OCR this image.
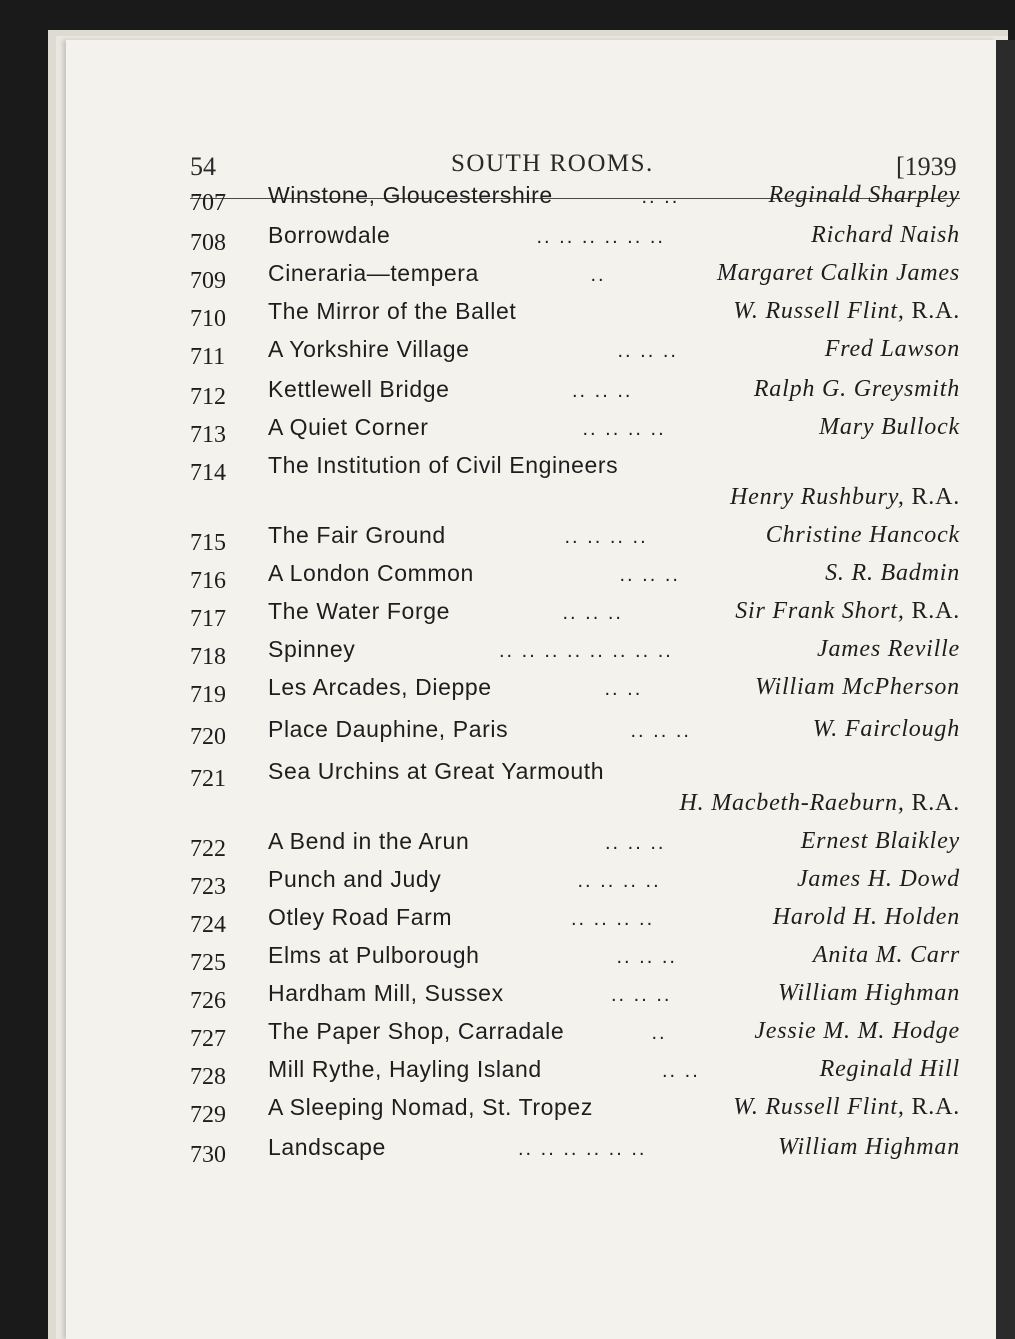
54	SOUTH ROOMS.	[1939
707 Winstone, Gloucestershire	Reginald Sharpley
.. ..
708 Borrowdale	Richard Naish
.. .. .. .. .. ..
709 Cineraria—tempera	Margaret Calkin James
..
710 The Mirror of the Ballet	W. Russell Flint, R.A.
711 A Yorkshire Village	Fred Lawson
.. .. ..
712 Kettlewell Bridge	Ralph G. Greysmith
.. .. ..
713 A Quiet Corner	Mary Bullock
.. .. .. ..
714 The Institution of Civil Engineers
Henry Rushbury, R.A.
715 The Fair Ground	Christine Hancock
.. .. .. ..
716 A London Common	S. R. Badmin
.. .. ..
717 The Water Forge	Sir Frank Short, R.A.
.. .. ..
718 Spinney	James Reville
.. .. .. .. .. .. .. ..
719 Les Arcades, Dieppe	William McPherson
.. ..
720 Place Dauphine, Paris	W. Fairclough
.. .. ..
721 Sea Urchins at Great Yarmouth
H. Macbeth-Raeburn, R.A.
722 A Bend in the Arun	Ernest Blaikley
.. .. ..
723 Punch and Judy	James H. Dowd
.. .. .. ..
724 Otley Road Farm	Harold H. Holden
.. .. .. ..
725 Elms at Pulborough	Anita M. Carr
.. .. ..
726 Hardham Mill, Sussex	William Highman
.. .. ..
727 The Paper Shop, Carradale	Jessie M. M. Hodge
..
728 Mill Rythe, Hayling Island	Reginald Hill
.. ..
729 A Sleeping Nomad, St. Tropez	W. Russell Flint, R.A.
730 Landscape	William Highman
.. .. .. .. .. ..
